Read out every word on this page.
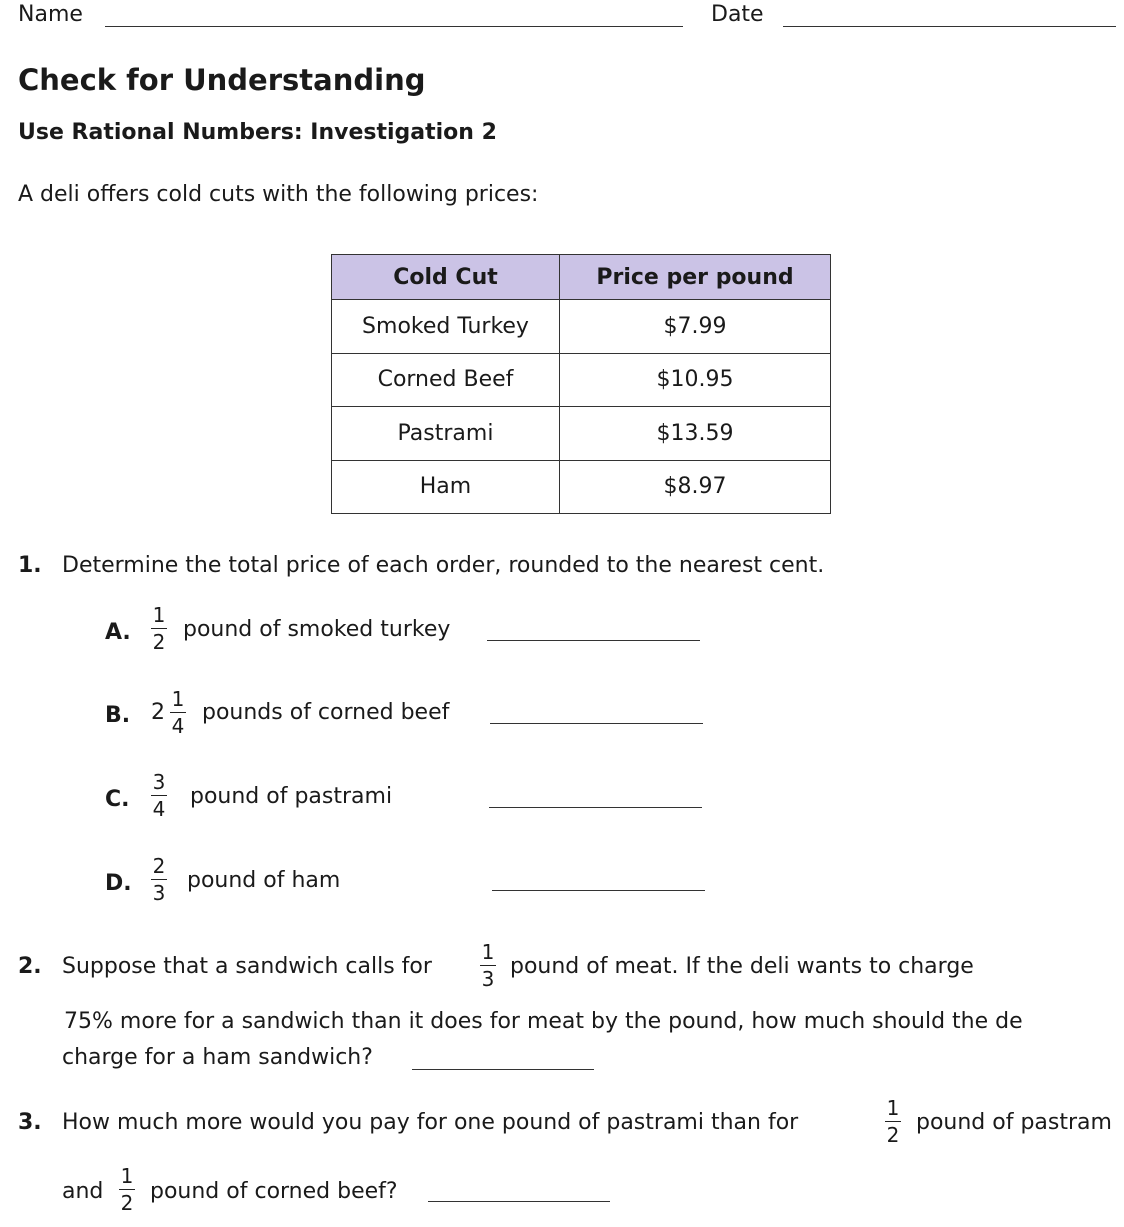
Name	Date
Check for Understanding
Use Rational Numbers: Investigation 2
A deli offers cold cuts with the following prices:
Cold Cut	Price per pound
Smoked Turkey	$7.99
Corned Beef	$10.95
Pastrami	$13.59
Ham	$8.97
1. Determine the total price of each order, rounded to the nearest cent.
A.
1
2 pound of smoked turkey
B. 2
1
4
pounds of corned beef
C.
3
4 pound of pastrami
D.
2
3 pound of ham
2. Suppose that a sandwich calls for
1
3 pound of meat. If the deli wants to charge
75% more for a sandwich than it does for meat by the pound, how much should the de
charge for a ham sandwich?
3. How much more would you pay for one pound of pastrami than for
1
2 pound of pastram
and
1
2 pound of corned beef?
